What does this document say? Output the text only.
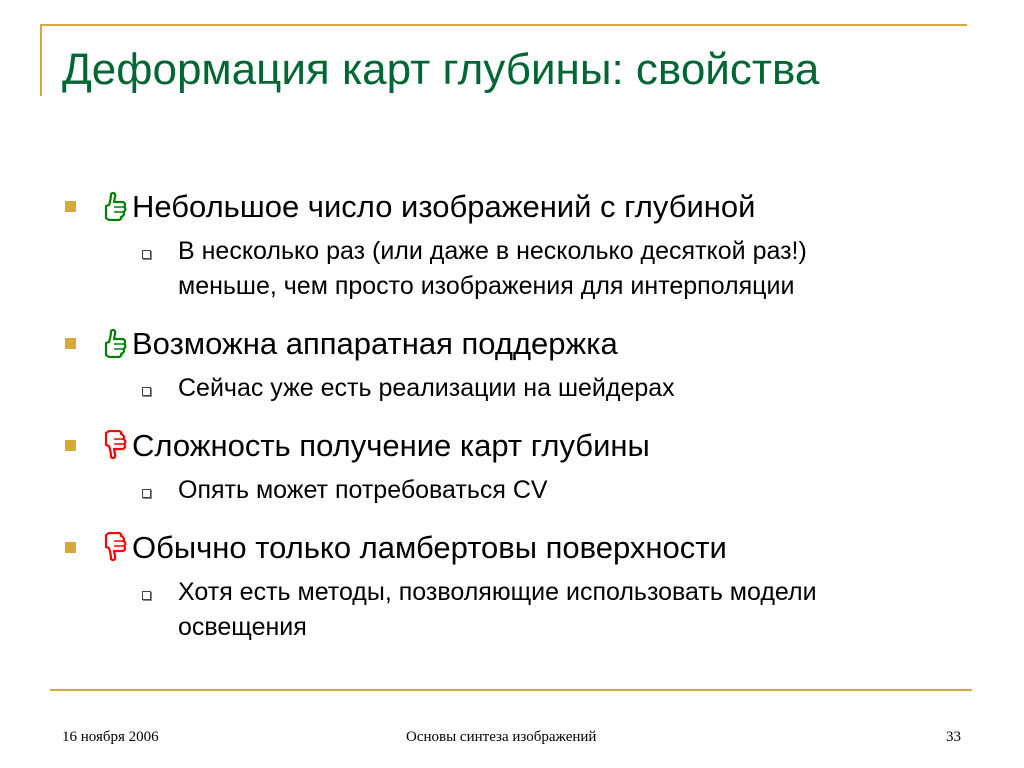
Деформация карт глубины: свойства
Небольшое число изображений с глубиной
В несколько раз (или даже в несколько десяткой раз!)
меньше, чем просто изображения для интерполяции
Возможна аппаратная поддержка
Сейчас уже есть реализации на шейдерах
Сложность получение карт глубины
Опять может потребоваться CV
Обычно только ламбертовы поверхности
Хотя есть методы, позволяющие использовать модели
освещения
16 ноября 2006	Основы синтеза изображений	33
